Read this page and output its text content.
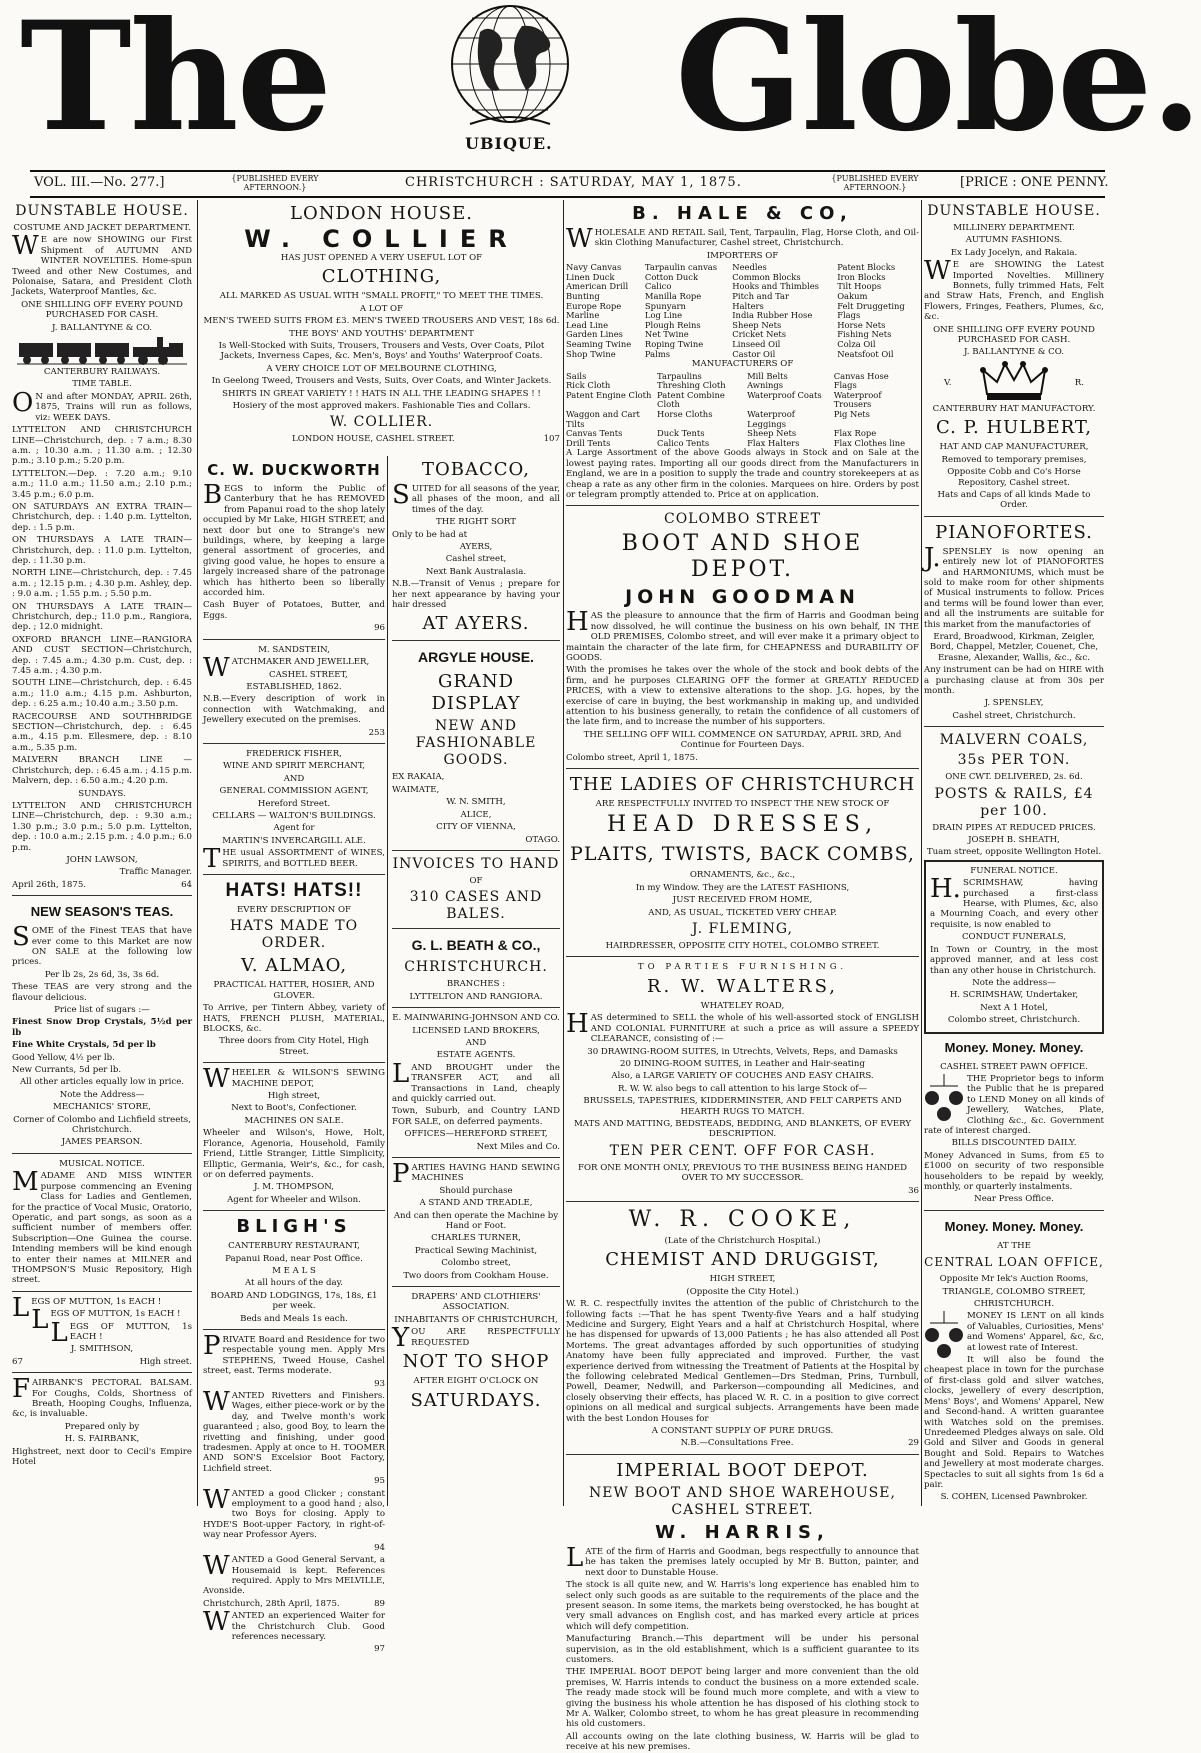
The	UBIQUE. Globe.
VOL. III.—No. 277.]	{PUBLISHED EVERY AFTERNOON.}	CHRISTCHURCH : SATURDAY, MAY 1, 1875.	{PUBLISHED EVERY AFTERNOON.}	[PRICE : ONE PENNY.
DUNSTABLE HOUSE.

COSTUME AND JACKET DEPARTMENT.

WE are now SHOWING our First Shipment of AUTUMN AND WINTER NOVELTIES. Home-spun Tweed and other New Costumes, and Polonaise, Satara, and President Cloth Jackets, Waterproof Mantles, &c.

ONE SHILLING OFF EVERY POUND PURCHASED FOR CASH.

J. BALLANTYNE & CO.

CANTERBURY RAILWAYS.

TIME TABLE.

ON and after MONDAY, APRIL 26th, 1875, Trains will run as follows, viz: WEEK DAYS.

LYTTELTON AND CHRISTCHURCH LINE—Christchurch, dep. : 7 a.m.; 8.30 a.m. ; 10.30 a.m. ; 11.30 a.m. ; 12.30 p.m.; 3.10 p.m.; 5.20 p.m.

LYTTELTON.—Dep. : 7.20 a.m.; 9.10 a.m.; 11.0 a.m.; 11.50 a.m.; 2.10 p.m.; 3.45 p.m.; 6.0 p.m.

ON SATURDAYS AN EXTRA TRAIN—Christchurch, dep. : 1.40 p.m. Lyttelton, dep. : 1.5 p.m.

ON THURSDAYS A LATE TRAIN—Christchurch, dep. : 11.0 p.m. Lyttelton, dep. : 11.30 p.m.

NORTH LINE—Christchurch, dep. : 7.45 a.m. ; 12.15 p.m. ; 4.30 p.m. Ashley, dep. : 9.0 a.m. ; 1.55 p.m. ; 5.50 p.m.

ON THURSDAYS A LATE TRAIN—Christchurch, dep.; 11.0 p.m., Rangiora, dep. ; 12.0 midnight.

OXFORD BRANCH LINE—RANGIORA AND CUST SECTION—Christchurch, dep. : 7.45 a.m.; 4.30 p.m. Cust, dep. : 7.45 a.m. ; 4.30 p.m.

SOUTH LINE—Christchurch, dep. : 6.45 a.m.; 11.0 a.m.; 4.15 p.m. Ashburton, dep. : 6.25 a.m.; 10.40 a.m.; 3.50 p.m.

RACECOURSE AND SOUTHBRIDGE SECTION—Christchurch, dep. : 6.45 a.m., 4.15 p.m. Ellesmere, dep. : 8.10 a.m., 5.35 p.m.

MALVERN BRANCH LINE — Christchurch, dep. : 6.45 a.m. ; 4.15 p.m. Malvern, dep. : 6.50 a.m.; 4.20 p.m.

SUNDAYS.

LYTTELTON AND CHRISTCHURCH LINE—Christchurch, dep. : 9.30 a.m.; 1.30 p.m.; 3.0 p.m.; 5.0 p.m. Lyttelton, dep. : 10.0 a.m.; 2.15 p.m. ; 4.0 p.m.; 6.0 p.m.

JOHN LAWSON,

Traffic Manager.

April 26th, 1875.	64

NEW SEASON'S TEAS.

SOME of the Finest TEAS that have ever come to this Market are now ON SALE at the following low prices.

Per lb 2s, 2s 6d, 3s, 3s 6d.

These TEAS are very strong and the flavour delicious.

Price list of sugars :—

Finest Snow Drop Crystals, 5½d per lb

Fine White Crystals, 5d per lb

Good Yellow, 4½ per lb.

New Currants, 5d per lb.

All other articles equally low in price.

Note the Address—

MECHANICS' STORE,

Corner of Colombo and Lichfield streets, Christchurch.

JAMES PEARSON.

MUSICAL NOTICE.

MADAME AND MISS WINTER purpose commencing an Evening Class for Ladies and Gentlemen, for the practice of Vocal Music, Oratorio, Operatic, and part songs, as soon as a sufficient number of members offer. Subscription—One Guinea the course. Intending members will be kind enough to enter their names at MILNER and THOMPSON'S Music Repository, High street.

LEGS OF MUTTON, 1s EACH !

LEGS OF MUTTON, 1s EACH !

LEGS OF MUTTON, 1s EACH !

J. SMITHSON,

67	High street.

FAIRBANK'S PECTORAL BALSAM. For Coughs, Colds, Shortness of Breath, Hooping Coughs, Influenza, &c, is invaluable.

Prepared only by

H. S. FAIRBANK,

Highstreet, next door to Cecil's Empire Hotel

LONDON HOUSE.
W. COLLIER

HAS JUST OPENED A VERY USEFUL LOT OF

CLOTHING,

ALL MARKED AS USUAL WITH "SMALL PROFIT," TO MEET THE TIMES.

A LOT OF

MEN'S TWEED SUITS FROM £3. MEN'S TWEED TROUSERS AND VEST, 18s 6d.

THE BOYS' AND YOUTHS' DEPARTMENT

Is Well-Stocked with Suits, Trousers, Trousers and Vests, Over Coats, Pilot Jackets, Inverness Capes, &c. Men's, Boys' and Youths' Waterproof Coats.

A VERY CHOICE LOT OF MELBOURNE CLOTHING,

In Geelong Tweed, Trousers and Vests, Suits, Over Coats, and Winter Jackets.

SHIRTS IN GREAT VARIETY ! ! HATS IN ALL THE LEADING SHAPES ! !

Hosiery of the most approved makers. Fashionable Ties and Collars.

W. COLLIER.

LONDON HOUSE, CASHEL STREET.	107

C. W. DUCKWORTH

BEGS to inform the Public of Canterbury that he has REMOVED from Papanui road to the shop lately occupied by Mr Lake, HIGH STREET, and next door but one to Strange's new buildings, where, by keeping a large general assortment of groceries, and giving good value, he hopes to ensure a largely increased share of the patronage which has hitherto been so liberally accorded him.

Cash Buyer of Potatoes, Butter, and Eggs.

96

M. SANDSTEIN,

WATCHMAKER AND JEWELLER,

CASHEL STREET,

ESTABLISHED, 1862.

N.B.—Every description of work in connection with Watchmaking, and Jewellery executed on the premises.

253

FREDERICK FISHER,

WINE AND SPIRIT MERCHANT,

AND

GENERAL COMMISSION AGENT,

Hereford Street.

CELLARS — WALTON'S BUILDINGS.

Agent for

MARTIN'S INVERCARGILL ALE.

THE usual ASSORTMENT of WINES, SPIRITS, and BOTTLED BEER.

HATS! HATS!!

EVERY DESCRIPTION OF

HATS MADE TO ORDER.
V. ALMAO,

PRACTICAL HATTER, HOSIER, AND GLOVER.

To Arrive, per Tintern Abbey, variety of HATS, FRENCH PLUSH, MATERIAL, BLOCKS, &c.

Three doors from City Hotel, High Street.

WHEELER & WILSON'S SEWING MACHINE DEPOT,

High street,

Next to Boot's, Confectioner.

MACHINES ON SALE.

Wheeler and Wilson's, Howe, Holt, Florance, Agenoria, Household, Family Friend, Little Stranger, Little Simplicity, Elliptic, Germania, Weir's, &c., for cash, or on deferred payments.

J. M. THOMPSON,

Agent for Wheeler and Wilson.

BLIGH'S

CANTERBURY RESTAURANT,

Papanui Road, near Post Office.

M E A L S

At all hours of the day.

BOARD AND LODGINGS, 17s, 18s, £1 per week.

Beds and Meals 1s each.

PRIVATE Board and Residence for two respectable young men. Apply Mrs STEPHENS, Tweed House, Cashel street, east. Terms moderate.

93

WANTED Rivetters and Finishers. Wages, either piece-work or by the day, and Twelve month's work guaranteed ; also, good Boy, to learn the rivetting and finishing, under good tradesmen. Apply at once to H. TOOMER AND SON'S Excelsior Boot Factory, Lichfield street.

95

WANTED a good Clicker ; constant employment to a good hand ; also, two Boys for closing. Apply to HYDE'S Boot-upper Factory, in right-of-way near Professor Ayers.

94

WANTED a Good General Servant, a Housemaid is kept. References required. Apply to Mrs MELVILLE, Avonside.

Christchurch, 28th April, 1875.	89

WANTED an experienced Waiter for the Christchurch Club. Good references necessary.

97

TOBACCO,

SUITED for all seasons of the year, all phases of the moon, and all times of the day.

THE RIGHT SORT

Only to be had at

AYERS,

Cashel street,

Next Bank Australasia.

N.B.—Transit of Venus ; prepare for her next appearance by having your hair dressed

AT AYERS.
ARGYLE HOUSE.
GRAND DISPLAY
NEW AND FASHIONABLE GOODS.

EX RAKAIA,

WAIMATE,

W. N. SMITH,

ALICE,

CITY OF VIENNA,

OTAGO.

INVOICES TO HAND

OF

310 CASES AND BALES.
G. L. BEATH & CO.,
CHRISTCHURCH.

BRANCHES :

LYTTELTON AND RANGIORA.

E. MAINWARING-JOHNSON AND CO.

LICENSED LAND BROKERS,

AND

ESTATE AGENTS.

LAND BROUGHT under the TRANSFER ACT, and all Transactions in Land, cheaply and quickly carried out.

Town, Suburb, and Country LAND FOR SALE, on deferred payments.

OFFICES—HEREFORD STREET,

Next Miles and Co.

PARTIES HAVING HAND SEWING MACHINES

Should purchase

A STAND AND TREADLE,

And can then operate the Machine by Hand or Foot.

CHARLES TURNER,

Practical Sewing Machinist,

Colombo street,

Two doors from Cookham House.

DRAPERS' AND CLOTHIERS' ASSOCIATION.

INHABITANTS OF CHRISTCHURCH,

YOU ARE RESPECTFULLY REQUESTED

NOT TO SHOP

AFTER EIGHT O'CLOCK ON

SATURDAYS.
B. HALE & CO,

WHOLESALE AND RETAIL Sail, Tent, Tarpaulin, Flag, Horse Cloth, and Oil-skin Clothing Manufacturer, Cashel street, Christchurch.

IMPORTERS OF

Navy Canvas	Tarpaulin canvas	Needles	Patent Blocks
Linen Duck	Cotton Duck	Common Blocks	Iron Blocks
American Drill	Calico	Hooks and Thimbles	Tilt Hoops
Bunting	Manilla Rope	Pitch and Tar	Oakum
Europe Rope	Spunyarn	Halters	Felt Druggeting
Marline	Log Line	India Rubber Hose	Flags
Lead Line	Plough Reins	Sheep Nets	Horse Nets
Garden Lines	Net Twine	Cricket Nets	Fishing Nets
Seaming Twine	Roping Twine	Linseed Oil	Colza Oil
Shop Twine	Palms	Castor Oil	Neatsfoot Oil

MANUFACTURERS OF

Sails	Tarpaulins	Mill Belts	Canvas Hose
Rick Cloth	Threshing Cloth	Awnings	Flags
Patent Engine Cloth	Patent Combine Cloth	Waterproof Coats	Waterproof Trousers
Waggon and Cart Tilts	Horse Cloths	Waterproof Leggings	Pig Nets
Canvas Tents	Duck Tents	Sheep Nets	Flax Rope
Drill Tents	Calico Tents	Flax Halters	Flax Clothes line

A Large Assortment of the above Goods always in Stock and on Sale at the lowest paying rates. Importing all our goods direct from the Manufacturers in England, we are in a position to supply the trade and country storekeepers at as cheap a rate as any other firm in the colonies. Marquees on hire. Orders by post or telegram promptly attended to. Price at on application.

COLOMBO STREET
BOOT AND SHOE DEPOT.
JOHN GOODMAN

HAS the pleasure to announce that the firm of Harris and Goodman being now dissolved, he will continue the business on his own behalf, IN THE OLD PREMISES, Colombo street, and will ever make it a primary object to maintain the character of the late firm, for CHEAPNESS and DURABILITY OF GOODS.

With the promises he takes over the whole of the stock and book debts of the firm, and he purposes CLEARING OFF the former at GREATLY REDUCED PRICES, with a view to extensive alterations to the shop. J.G. hopes, by the exercise of care in buying, the best workmanship in making up, and undivided attention to his business generally, to retain the confidence of all customers of the late firm, and to increase the number of his supporters.

THE SELLING OFF WILL COMMENCE ON SATURDAY, APRIL 3RD, And Continue for Fourteen Days.

Colombo street, April 1, 1875.

THE LADIES OF CHRISTCHURCH

ARE RESPECTFULLY INVITED TO INSPECT THE NEW STOCK OF

HEAD DRESSES,
PLAITS, TWISTS, BACK COMBS,

ORNAMENTS, &c., &c.,

In my Window. They are the LATEST FASHIONS,

JUST RECEIVED FROM HOME,

AND, AS USUAL, TICKETED VERY CHEAP.

J. FLEMING,

HAIRDRESSER, OPPOSITE CITY HOTEL, COLOMBO STREET.

TO PARTIES FURNISHING.

R. W. WALTERS,

WHATELEY ROAD,

HAS determined to SELL the whole of his well-assorted stock of ENGLISH AND COLONIAL FURNITURE at such a price as will assure a SPEEDY CLEARANCE, consisting of :—

30 DRAWING-ROOM SUITES, in Utrechts, Velvets, Reps, and Damasks

20 DINING-ROOM SUITES, in Leather and Hair-seating

Also, a LARGE VARIETY OF COUCHES AND EASY CHAIRS.

R. W. W. also begs to call attention to his large Stock of—

BRUSSELS, TAPESTRIES, KIDDERMINSTER, AND FELT CARPETS AND HEARTH RUGS TO MATCH.

MATS AND MATTING, BEDSTEADS, BEDDING, AND BLANKETS, OF EVERY DESCRIPTION.

TEN PER CENT. OFF FOR CASH.

FOR ONE MONTH ONLY, PREVIOUS TO THE BUSINESS BEING HANDED OVER TO MY SUCCESSOR.

36

W. R. COOKE,

(Late of the Christchurch Hospital.)

CHEMIST AND DRUGGIST,

HIGH STREET,

(Opposite the City Hotel.)

W. R. C. respectfully invites the attention of the public of Christchurch to the following facts :—That he has spent Twenty-five Years and a half studying Medicine and Surgery, Eight Years and a half at Christchurch Hospital, where he has dispensed for upwards of 13,000 Patients ; he has also attended all Post Mortems. The great advantages afforded by such opportunities of studying Anatomy have been fully appreciated and improved. Further, the vast experience derived from witnessing the Treatment of Patients at the Hospital by the following celebrated Medical Gentlemen—Drs Stedman, Prins, Turnbull, Powell, Deamer, Nedwill, and Parkerson—compounding all Medicines, and closely observing their effects, has placed W. R. C. in a position to give correct opinions on all medical and surgical subjects. Arrangements have been made with the best London Houses for

A CONSTANT SUPPLY OF PURE DRUGS.

N.B.—Consultations Free.	29

IMPERIAL BOOT DEPOT.
NEW BOOT AND SHOE WAREHOUSE, CASHEL STREET.
W. HARRIS,

LATE of the firm of Harris and Goodman, begs respectfully to announce that he has taken the premises lately occupied by Mr B. Button, painter, and next door to Dunstable House.

The stock is all quite new, and W. Harris's long experience has enabled him to select only such goods as are suitable to the requirements of the place and the present season. In some items, the markets being overstocked, he has bought at very small advances on English cost, and has marked every article at prices which will defy competition.

Manufacturing Branch.—This department will be under his personal supervision, as in the old establishment, which is a sufficient guarantee to its customers.

THE IMPERIAL BOOT DEPOT being larger and more convenient than the old premises, W. Harris intends to conduct the business on a more extended scale. The ready made stock will be found much more complete, and with a view to giving the business his whole attention he has disposed of his clothing stock to Mr A. Walker, Colombo street, to whom he has great pleasure in recommending his old customers.

All accounts owing on the late clothing business, W. Harris will be glad to receive at his new premises.

DUNSTABLE HOUSE.

MILLINERY DEPARTMENT.

AUTUMN FASHIONS.

Ex Lady Jocelyn, and Rakaia.

WE are SHOWING the Latest Imported Novelties. Millinery Bonnets, fully trimmed Hats, Felt and Straw Hats, French, and English Flowers, Fringes, Feathers, Plumes, &c, &c.

ONE SHILLING OFF EVERY POUND PURCHASED FOR CASH.

J. BALLANTYNE & CO.

V.	R.

CANTERBURY HAT MANUFACTORY.

C. P. HULBERT,

HAT AND CAP MANUFACTURER,

Removed to temporary premises,

Opposite Cobb and Co's Horse Repository, Cashel street.

Hats and Caps of all kinds Made to Order.

PIANOFORTES.

J.SPENSLEY is now opening an entirely new lot of PIANOFORTES and HARMONIUMS, which must be sold to make room for other shipments of Musical instruments to follow. Prices and terms will be found lower than ever, and all the instruments are suitable for this market from the manufactories of

Erard, Broadwood, Kirkman, Zeigler, Bord, Chappel, Metzler, Couenet, Che, Erasne, Alexander, Wallis, &c., &c.

Any instrument can be had on HIRE with a purchasing clause at from 30s per month.

J. SPENSLEY,

Cashel street, Christchurch.

MALVERN COALS,
35s PER TON.

ONE CWT. DELIVERED, 2s. 6d.

POSTS & RAILS, £4 per 100.

DRAIN PIPES AT REDUCED PRICES.

JOSEPH B. SHEATH,

Tuam street, opposite Wellington Hotel.

FUNERAL NOTICE.

H.SCRIMSHAW, having purchased a first-class Hearse, with Plumes, &c, also a Mourning Coach, and every other requisite, is now enabled to

CONDUCT FUNERALS,

In Town or Country, in the most approved manner, and at less cost than any other house in Christchurch.

Note the address—

H. SCRIMSHAW, Undertaker,

Next A 1 Hotel,

Colombo street, Christchurch.

Money. Money. Money.

CASHEL STREET PAWN OFFICE.

THE Proprietor begs to inform the Public that he is prepared to LEND Money on all kinds of Jewellery, Watches, Plate, Clothing &c., &c. Government rate of interest charged.

BILLS DISCOUNTED DAILY.

Money Advanced in Sums, from £5 to £1000 on security of two responsible householders to be repaid by weekly, monthly, or quarterly instalments.

Near Press Office.

Money. Money. Money.

AT THE

CENTRAL LOAN OFFICE,

Opposite Mr Iek's Auction Rooms,

TRIANGLE, COLOMBO STREET,

CHRISTCHURCH.

MONEY IS LENT on all kinds of Valuables, Curiosities, Mens' and Womens' Apparel, &c, &c, at lowest rate of Interest.

It will also be found the cheapest place in town for the purchase of first-class gold and silver watches, clocks, jewellery of every description, Mens' Boys', and Womens' Apparel, New and Second-hand. A written guarantee with Watches sold on the premises. Unredeemed Pledges always on sale. Old Gold and Silver and Goods in general Bought and Sold. Repairs to Watches and Jewellery at most moderate charges. Spectacles to suit all sights from 1s 6d a pair.

S. COHEN, Licensed Pawnbroker.
